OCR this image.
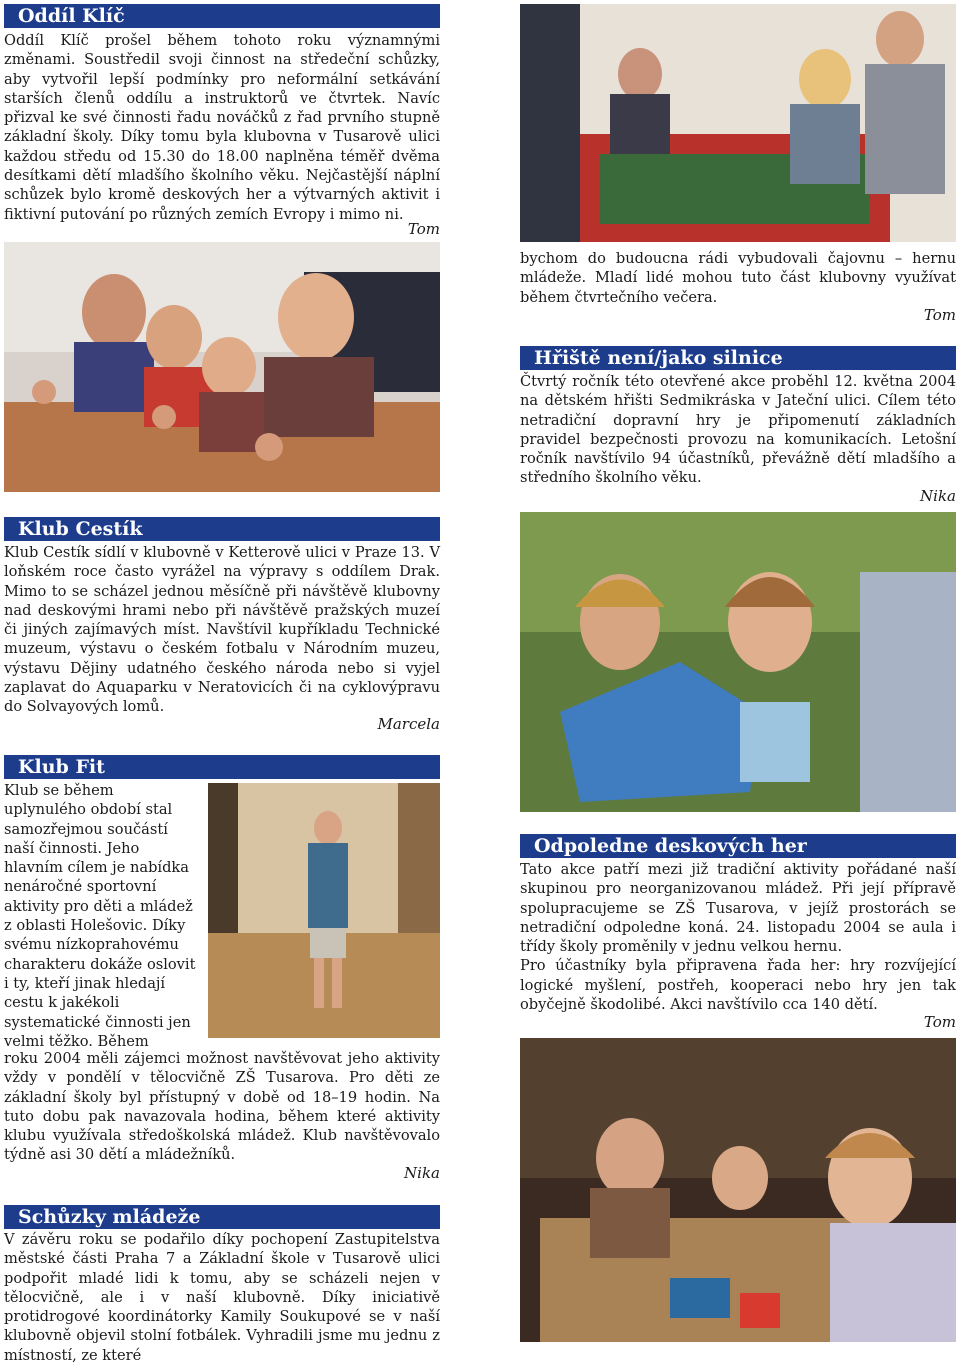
Oddíl Klíč

Oddíl Klíč prošel během tohoto roku významnými změnami. Soustředil svoji činnost na středeční schůzky, aby vytvořil lepší podmínky pro neformální setkávání starších členů oddílu a instruktorů ve čtvrtek. Navíc přizval ke své činnosti řadu nováčků z řad prvního stupně základní školy. Díky tomu byla klubovna v Tusarově ulici každou středu od 15.30 do 18.00 naplněna téměř dvěma desítkami dětí mladšího školního věku. Nejčastější náplní schůzek bylo kromě deskových her a výtvarných aktivit i fiktivní putování po různých zemích Evropy i mimo ni.

Tom
Klub Cestík

Klub Cestík sídlí v klubovně v Ketterově ulici v Praze 13. V loňském roce často vyrážel na výpravy s oddílem Drak. Mimo to se scházel jednou měsíčně při návštěvě klubovny nad deskovými hrami nebo při návštěvě pražských muzeí či jiných zajímavých míst. Navštívil kupříkladu Technické muzeum, výstavu o českém fotbalu v Národním muzeu, výstavu Dějiny udatného českého národa nebo si vyjel zaplavat do Aquaparku v Neratovicích či na cyklovýpravu do Solvayových lomů.

Marcela
Klub Fit

Klub se během uplynulého období stal samozřejmou součástí naší činnosti. Jeho hlavním cílem je nabídka nenáročné sportovní aktivity pro děti a mládež z oblasti Holešovic. Díky svému nízkoprahovému charakteru dokáže oslovit i ty, kteří jinak hledají cestu k jakékoli systematické činnosti jen velmi těžko. Během

roku 2004 měli zájemci možnost navštěvovat jeho aktivity vždy v pondělí v tělocvičně ZŠ Tusarova. Pro děti ze základní školy byl přístupný v době od 18–19 hodin. Na tuto dobu pak navazovala hodina, během které aktivity klubu využívala středoškolská mládež. Klub navštěvovalo týdně asi 30 dětí a mládežníků.

Nika
Schůzky mládeže

V závěru roku se podařilo díky pochopení Zastupitelstva městské části Praha 7 a Základní škole v Tusarově ulici podpořit mladé lidi k tomu, aby se scházeli nejen v tělocvičně, ale i v naší klubovně. Díky iniciativě protidrogové koordinátorky Kamily Soukupové se v naší klubovně objevil stolní fotbálek. Vyhradili jsme mu jednu z místností, ze které

bychom do budoucna rádi vybudovali čajovnu – hernu mládeže. Mladí lidé mohou tuto část klubovny využívat během čtvrtečního večera.

Tom
Hřiště není/jako silnice

Čtvrtý ročník této otevřené akce proběhl 12. května 2004 na dětském hřišti Sedmikráska v Jateční ulici. Cílem této netradiční dopravní hry je připomenutí základních pravidel bezpečnosti provozu na komunikacích. Letošní ročník navštívilo 94 účastníků, převážně dětí mladšího a středního školního věku.

Nika
Odpoledne deskových her

Tato akce patří mezi již tradiční aktivity pořádané naší skupinou pro neorganizovanou mládež. Při její přípravě spolupracujeme se ZŠ Tusarova, v jejíž prostorách se netradiční odpoledne koná. 24. listopadu 2004 se aula i třídy školy proměnily v jednu velkou hernu.

Pro účastníky byla připravena řada her: hry rozvíjející logické myšlení, postřeh, kooperaci nebo hry jen tak obyčejně škodolibé. Akci navštívilo cca 140 dětí.

Tom
